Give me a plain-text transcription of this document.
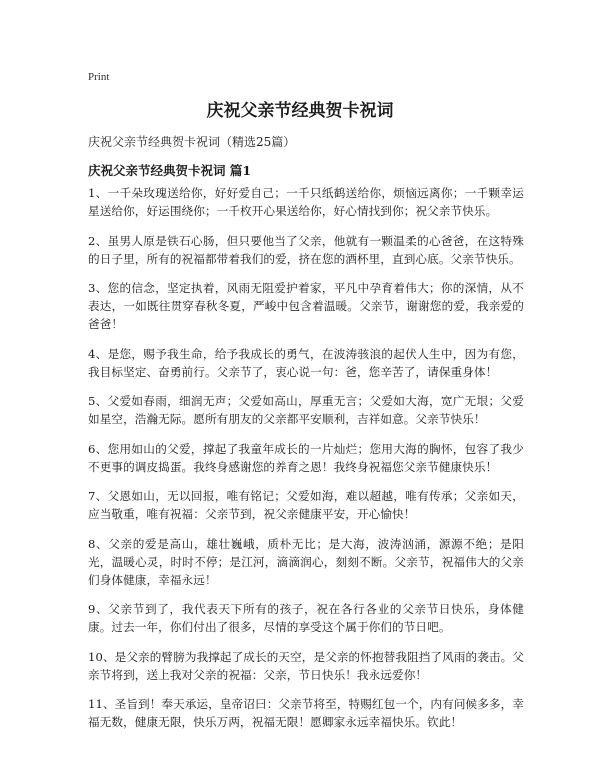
Print
庆祝父亲节经典贺卡祝词

庆祝父亲节经典贺卡祝词（精选25篇）

庆祝父亲节经典贺卡祝词 篇1

1、一千朵玫瑰送给你，好好爱自己；一千只纸鹤送给你，烦恼远离你；一千颗幸运星送给你，好运围绕你；一千枚开心果送给你，好心情找到你；祝父亲节快乐。

2、虽男人原是铁石心肠，但只要他当了父亲，他就有一颗温柔的心爸爸，在这特殊的日子里，所有的祝福都带着我们的爱，挤在您的酒杯里，直到心底。父亲节快乐。

3、您的信念，坚定执着，风雨无阻爱护着家，平凡中孕育着伟大；你的深情，从不表达，一如既往贯穿春秋冬夏，严峻中包含着温暖。父亲节，谢谢您的爱，我亲爱的爸爸！

4、是您，赐予我生命，给予我成长的勇气，在波涛骇浪的起伏人生中，因为有您，我目标坚定、奋勇前行。父亲节了，衷心说一句：爸，您辛苦了，请保重身体！

5、父爱如春雨，细润无声；父爱如高山，厚重无言；父爱如大海，宽广无垠；父爱如星空，浩瀚无际。愿所有朋友的父亲都平安顺利，吉祥如意。父亲节快乐！

6、您用如山的父爱，撑起了我童年成长的一片灿烂；您用大海的胸怀，包容了我少不更事的调皮捣蛋。我终身感谢您的养育之恩！我终身祝福您父亲节健康快乐！

7、父恩如山，无以回报，唯有铭记；父爱如海，难以超越，唯有传承；父亲如天，应当敬重，唯有祝福：父亲节到，祝父亲健康平安，开心愉快！

8、父亲的爱是高山，雄壮巍峨，质朴无比；是大海，波涛汹涌，源源不绝；是阳光，温暖心灵，时时不停；是江河，滴滴润心，刻刻不断。父亲节，祝福伟大的父亲们身体健康，幸福永远！

9、父亲节到了，我代表天下所有的孩子，祝在各行各业的父亲节日快乐，身体健康。过去一年，你们付出了很多，尽情的享受这个属于你们的节日吧。

10、是父亲的臂膀为我撑起了成长的天空，是父亲的怀抱替我阻挡了风雨的袭击。父亲节将到，送上我对父亲的祝福：父亲，节日快乐！我永远爱你！

11、圣旨到！奉天承运，皇帝诏曰：父亲节将至，特赐红包一个，内有问候多多，幸福无数，健康无限，快乐万两，祝福无限！愿卿家永远幸福快乐。钦此！
